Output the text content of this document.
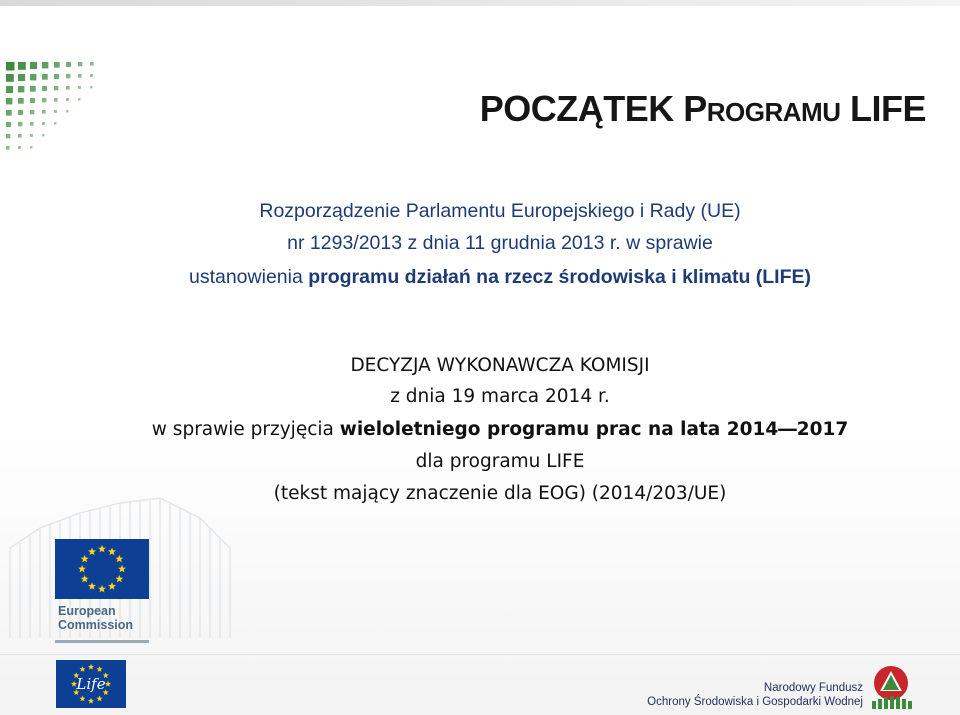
POCZĄTEK PROGRAMU LIFE

Rozporządzenie Parlamentu Europejskiego i Rady (UE)

nr 1293/2013 z dnia 11 grudnia 2013 r. w sprawie

ustanowienia programu działań na rzecz środowiska i klimatu (LIFE)

DECYZJA WYKONAWCZA KOMISJI

z dnia 19 marca 2014 r.

w sprawie przyjęcia wieloletniego programu prac na lata 2014―2017

dla programu LIFE

(tekst mający znaczenie dla EOG) (2014/203/UE)

European
Commission

Life	Narodowy Fundusz
Ochrony Środowiska i Gospodarki Wodnej
